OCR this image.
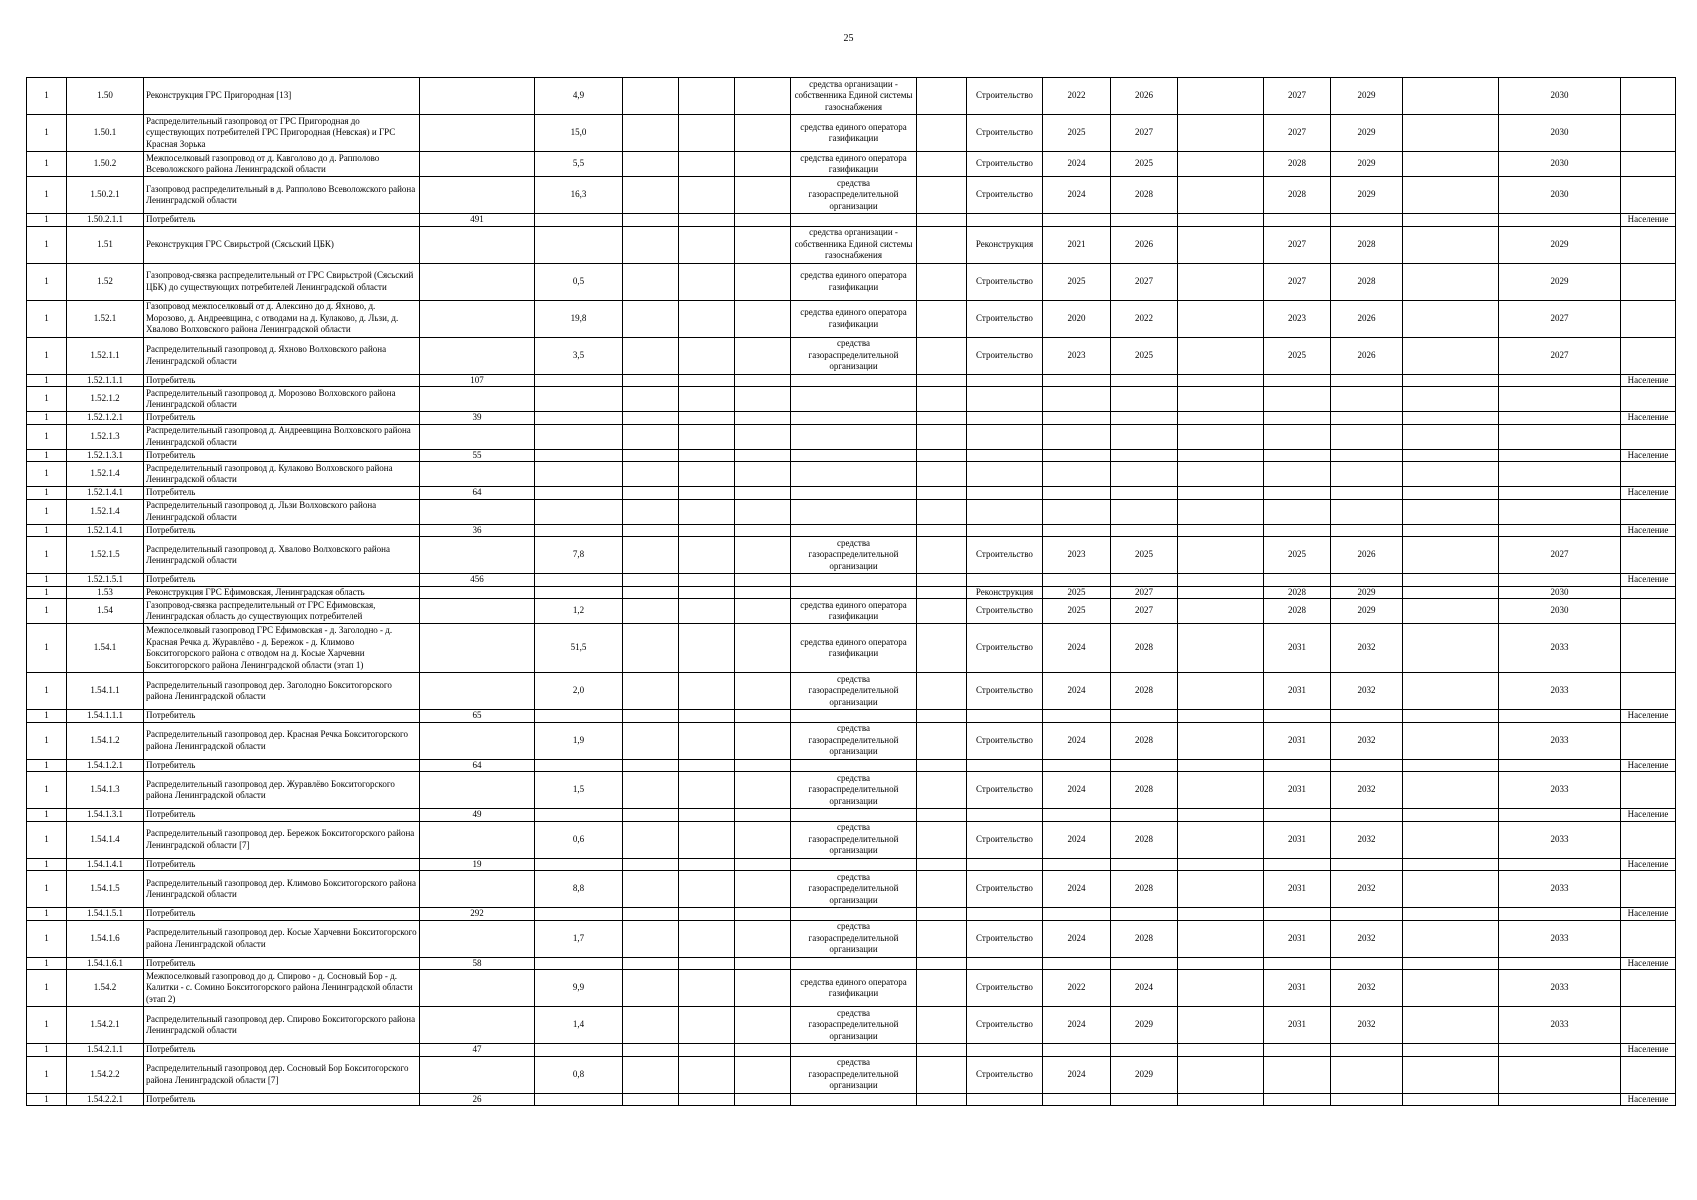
25
1	1.50	Реконструкция ГРС Пригородная [13]		4,9				средства организации - собственника Единой системы газоснабжения		Строительство	2022	2026		2027	2029		2030	
1	1.50.1	Распределительный газопровод от ГРС Пригородная до существующих потребителей ГРС Пригородная (Невская) и ГРС Красная Зорька		15,0				средства единого оператора газификации		Строительство	2025	2027		2027	2029		2030	
1	1.50.2	Межпоселковый газопровод от д. Кавголово до д. Рапполово Всеволожского района Ленинградской области		5,5				средства единого оператора газификации		Строительство	2024	2025		2028	2029		2030	
1	1.50.2.1	Газопровод распределительный в д. Рапполово Всеволожского района Ленинградской области		16,3				средства газораспределительной организации		Строительство	2024	2028		2028	2029		2030	
1	1.50.2.1.1	Потребитель	491															Население
1	1.51	Реконструкция ГРС Свирьстрой (Сясьский ЦБК)						средства организации - собственника Единой системы газоснабжения		Реконструкция	2021	2026		2027	2028		2029	
1	1.52	Газопровод-связка распределительный от ГРС Свирьстрой (Сясьский ЦБК) до существующих потребителей Ленинградской области		0,5				средства единого оператора газификации		Строительство	2025	2027		2027	2028		2029	
1	1.52.1	Газопровод межпоселковый от д. Алексино до д. Яхново, д. Морозово, д. Андреевщина, с отводами на д. Кулаково, д. Льзи, д. Хвалово Волховского района Ленинградской области		19,8				средства единого оператора газификации		Строительство	2020	2022		2023	2026		2027	
1	1.52.1.1	Распределительный газопровод д. Яхново Волховского района Ленинградской области		3,5				средства газораспределительной организации		Строительство	2023	2025		2025	2026		2027	
1	1.52.1.1.1	Потребитель	107															Население
1	1.52.1.2	Распределительный газопровод д. Морозово Волховского района Ленинградской области																
1	1.52.1.2.1	Потребитель	39															Население
1	1.52.1.3	Распределительный газопровод д. Андреевщина Волховского района Ленинградской области																
1	1.52.1.3.1	Потребитель	55															Население
1	1.52.1.4	Распределительный газопровод д. Кулаково Волховского района Ленинградской области																
1	1.52.1.4.1	Потребитель	64															Население
1	1.52.1.4	Распределительный газопровод д. Льзи Волховского района Ленинградской области																
1	1.52.1.4.1	Потребитель	36															Население
1	1.52.1.5	Распределительный газопровод д. Хвалово Волховского района Ленинградской области		7,8				средства газораспределительной организации		Строительство	2023	2025		2025	2026		2027	
1	1.52.1.5.1	Потребитель	456															Население
1	1.53	Реконструкция ГРС Ефимовская, Ленинградская область								Реконструкция	2025	2027		2028	2029		2030	
1	1.54	Газопровод-связка распределительный от ГРС Ефимовская, Ленинградская область до существующих потребителей		1,2				средства единого оператора газификации		Строительство	2025	2027		2028	2029		2030	
1	1.54.1	Межпоселковый газопровод ГРС Ефимовская - д. Заголодно - д. Красная Речка д. Журавлёво - д. Бережок - д. Климово Бокситогорского района с отводом на д. Косые Харчевни Бокситогорского района Ленинградской области (этап 1)		51,5				средства единого оператора газификации		Строительство	2024	2028		2031	2032		2033	
1	1.54.1.1	Распределительный газопровод дер. Заголодно Бокситогорского района Ленинградской области		2,0				средства газораспределительной организации		Строительство	2024	2028		2031	2032		2033	
1	1.54.1.1.1	Потребитель	65															Население
1	1.54.1.2	Распределительный газопровод дер. Красная Речка Бокситогорского района Ленинградской области		1,9				средства газораспределительной организации		Строительство	2024	2028		2031	2032		2033	
1	1.54.1.2.1	Потребитель	64															Население
1	1.54.1.3	Распределительный газопровод дер. Журавлёво Бокситогорского района Ленинградской области		1,5				средства газораспределительной организации		Строительство	2024	2028		2031	2032		2033	
1	1.54.1.3.1	Потребитель	49															Население
1	1.54.1.4	Распределительный газопровод дер. Бережок Бокситогорского района Ленинградской области [7]		0,6				средства газораспределительной организации		Строительство	2024	2028		2031	2032		2033	
1	1.54.1.4.1	Потребитель	19															Население
1	1.54.1.5	Распределительный газопровод дер. Климово Бокситогорского района Ленинградской области		8,8				средства газораспределительной организации		Строительство	2024	2028		2031	2032		2033	
1	1.54.1.5.1	Потребитель	292															Население
1	1.54.1.6	Распределительный газопровод дер. Косые Харчевни Бокситогорского района Ленинградской области		1,7				средства газораспределительной организации		Строительство	2024	2028		2031	2032		2033	
1	1.54.1.6.1	Потребитель	58															Население
1	1.54.2	Межпоселковый газопровод до д. Спирово - д. Сосновый Бор - д. Калитки - с. Сомино Бокситогорского района Ленинградской области (этап 2)		9,9				средства единого оператора газификации		Строительство	2022	2024		2031	2032		2033	
1	1.54.2.1	Распределительный газопровод дер. Спирово Бокситогорского района Ленинградской области		1,4				средства газораспределительной организации		Строительство	2024	2029		2031	2032		2033	
1	1.54.2.1.1	Потребитель	47															Население
1	1.54.2.2	Распределительный газопровод дер. Сосновый Бор Бокситогорского района Ленинградской области [7]		0,8				средства газораспределительной организации		Строительство	2024	2029						
1	1.54.2.2.1	Потребитель	26															Население
